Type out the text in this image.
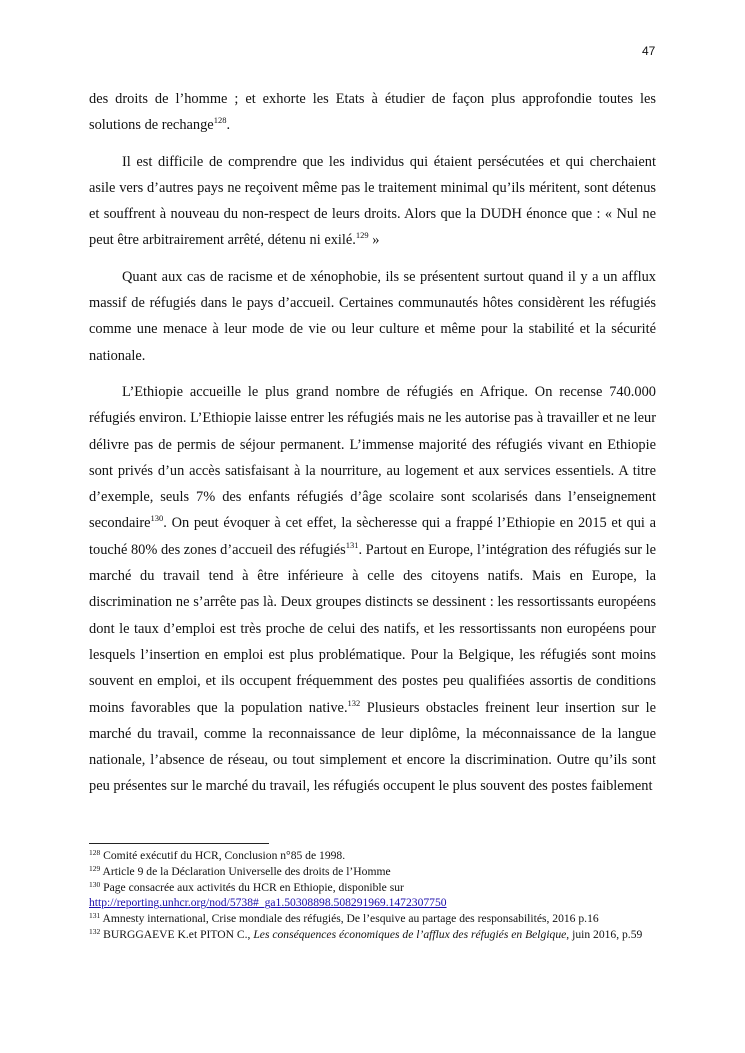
47

des droits de l’homme ; et exhorte les Etats à étudier de façon plus approfondie toutes les solutions de rechange$^{128}$.

Il est difficile de comprendre que les individus qui étaient persécutées et qui cherchaient asile vers d’autres pays ne reçoivent même pas le traitement minimal qu’ils méritent, sont détenus et souffrent à nouveau du non-respect de leurs droits. Alors que la DUDH énonce que : « Nul ne peut être arbitrairement arrêté, détenu ni exilé.$^{129}$ »

Quant aux cas de racisme et de xénophobie, ils se présentent surtout quand il y a un afflux massif de réfugiés dans le pays d’accueil. Certaines communautés hôtes considèrent les réfugiés comme une menace à leur mode de vie ou leur culture et même pour la stabilité et la sécurité nationale.

L’Ethiopie accueille le plus grand nombre de réfugiés en Afrique. On recense 740.000 réfugiés environ. L’Ethiopie laisse entrer les réfugiés mais ne les autorise pas à travailler et ne leur délivre pas de permis de séjour permanent. L’immense majorité des réfugiés vivant en Ethiopie sont privés d’un accès satisfaisant à la nourriture, au logement et aux services essentiels. A titre d’exemple, seuls 7% des enfants réfugiés d’âge scolaire sont scolarisés dans l’enseignement secondaire$^{130}$. On peut évoquer à cet effet, la sècheresse qui a frappé l’Ethiopie en 2015 et qui a touché 80% des zones d’accueil des réfugiés$^{131}$. Partout en Europe, l’intégration des réfugiés sur le marché du travail tend à être inférieure à celle des citoyens natifs. Mais en Europe, la discrimination ne s’arrête pas là. Deux groupes distincts se dessinent : les ressortissants européens dont le taux d’emploi est très proche de celui des natifs, et les ressortissants non européens pour lesquels l’insertion en emploi est plus problématique. Pour la Belgique, les réfugiés sont moins souvent en emploi, et ils occupent fréquemment des postes peu qualifiées assortis de conditions moins favorables que la population native.$^{132}$ Plusieurs obstacles freinent leur insertion sur le marché du travail, comme la reconnaissance de leur diplôme, la méconnaissance de la langue nationale, l’absence de réseau, ou tout simplement et encore la discrimination. Outre qu’ils sont peu présentes sur le marché du travail, les réfugiés occupent le plus souvent des postes faiblement

$^{128}$ Comité exécutif du HCR, Conclusion n°85 de 1998.

$^{129}$ Article 9 de la Déclaration Universelle des droits de l’Homme

$^{130}$ Page consacrée aux activités du HCR en Ethiopie, disponible sur
http://reporting.unhcr.org/nod/5738#_ga1.50308898.508291969.1472307750

$^{131}$ Amnesty international, Crise mondiale des réfugiés, De l’esquive au partage des responsabilités, 2016 p.16

$^{132}$ BURGGAEVE K.et PITON C., Les conséquences économiques de l’afflux des réfugiés en Belgique, juin 2016, p.59
